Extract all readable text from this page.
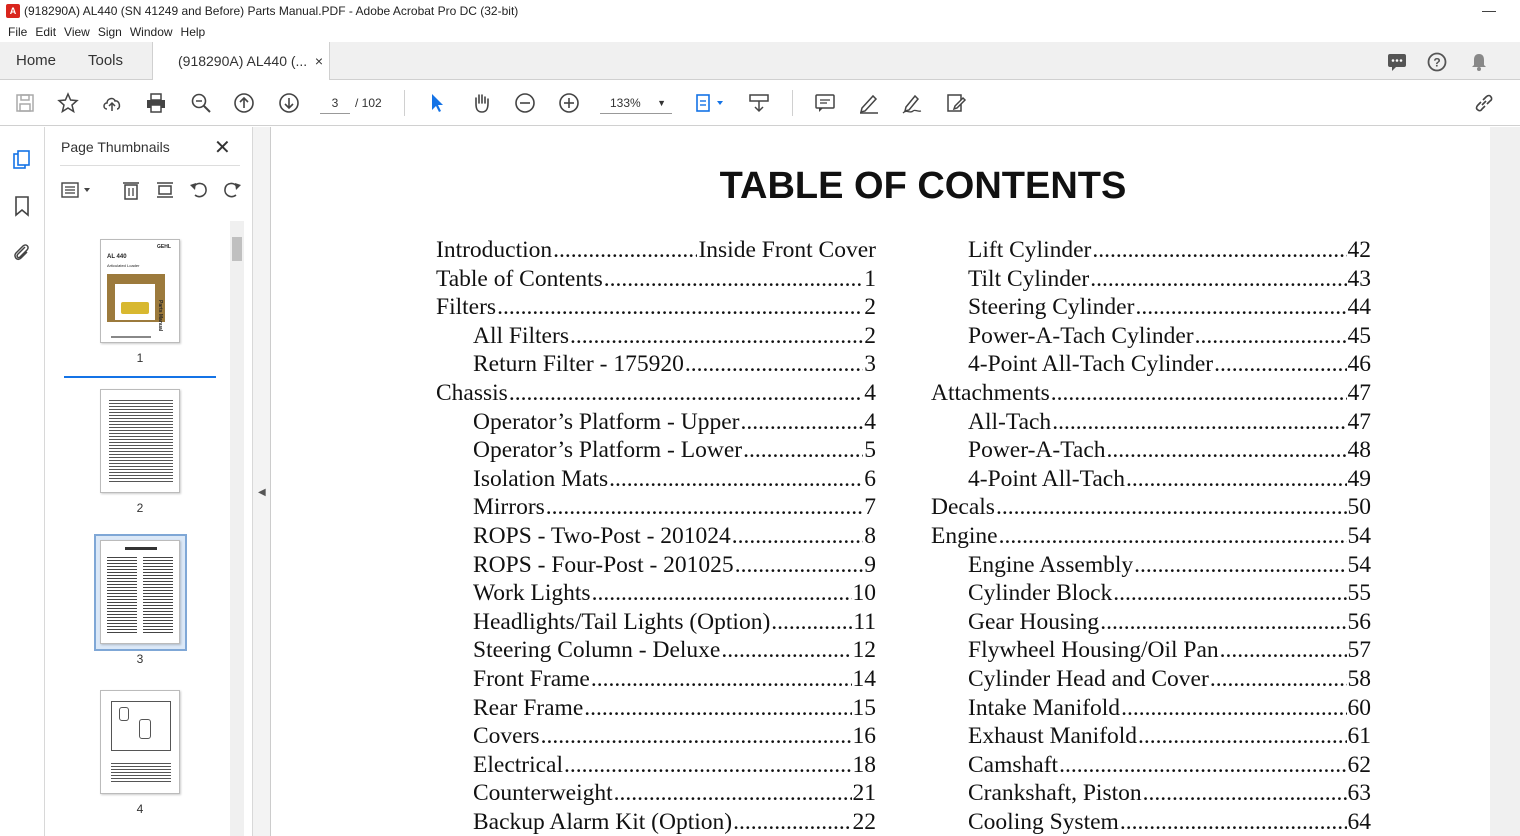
A (918290A) AL440 (SN 41249 and Before) Parts Manual.PDF - Adobe Acrobat Pro DC (32-bit)	—
File Edit View Sign Window Help
Home Tools	(918290A) AL440 (... ×	?
3
/ 102	133% ▼
Page Thumbnails ✕
AL 440
Articulated Loader
GEHL
Parts Manual
1
2
3
4
◀
TABLE OF CONTENTS
Introduction .....	Inside Front Cover
Table of Contents .....	1
Filters .....	2
All Filters .....	2
Return Filter - 175920 .....	3
Chassis .....	4
Operator’s Platform - Upper .....	4
Operator’s Platform - Lower .....	5
Isolation Mats .....	6
Mirrors .....	7
ROPS - Two-Post - 201024 .....	8
ROPS - Four-Post - 201025 .....	9
Work Lights .....	10
Headlights/Tail Lights (Option) .....	11
Steering Column - Deluxe .....	12
Front Frame .....	14
Rear Frame .....	15
Covers .....	16
Electrical .....	18
Counterweight .....	21
Backup Alarm Kit (Option) .....	22
Lift Cylinder .....	42
Tilt Cylinder .....	43
Steering Cylinder .....	44
Power-A-Tach Cylinder .....	45
4-Point All-Tach Cylinder .....	46
Attachments .....	47
All-Tach .....	47
Power-A-Tach .....	48
4-Point All-Tach .....	49
Decals .....	50
Engine .....	54
Engine Assembly .....	54
Cylinder Block .....	55
Gear Housing .....	56
Flywheel Housing/Oil Pan .....	57
Cylinder Head and Cover .....	58
Intake Manifold .....	60
Exhaust Manifold .....	61
Camshaft .....	62
Crankshaft, Piston .....	63
Cooling System .....	64
